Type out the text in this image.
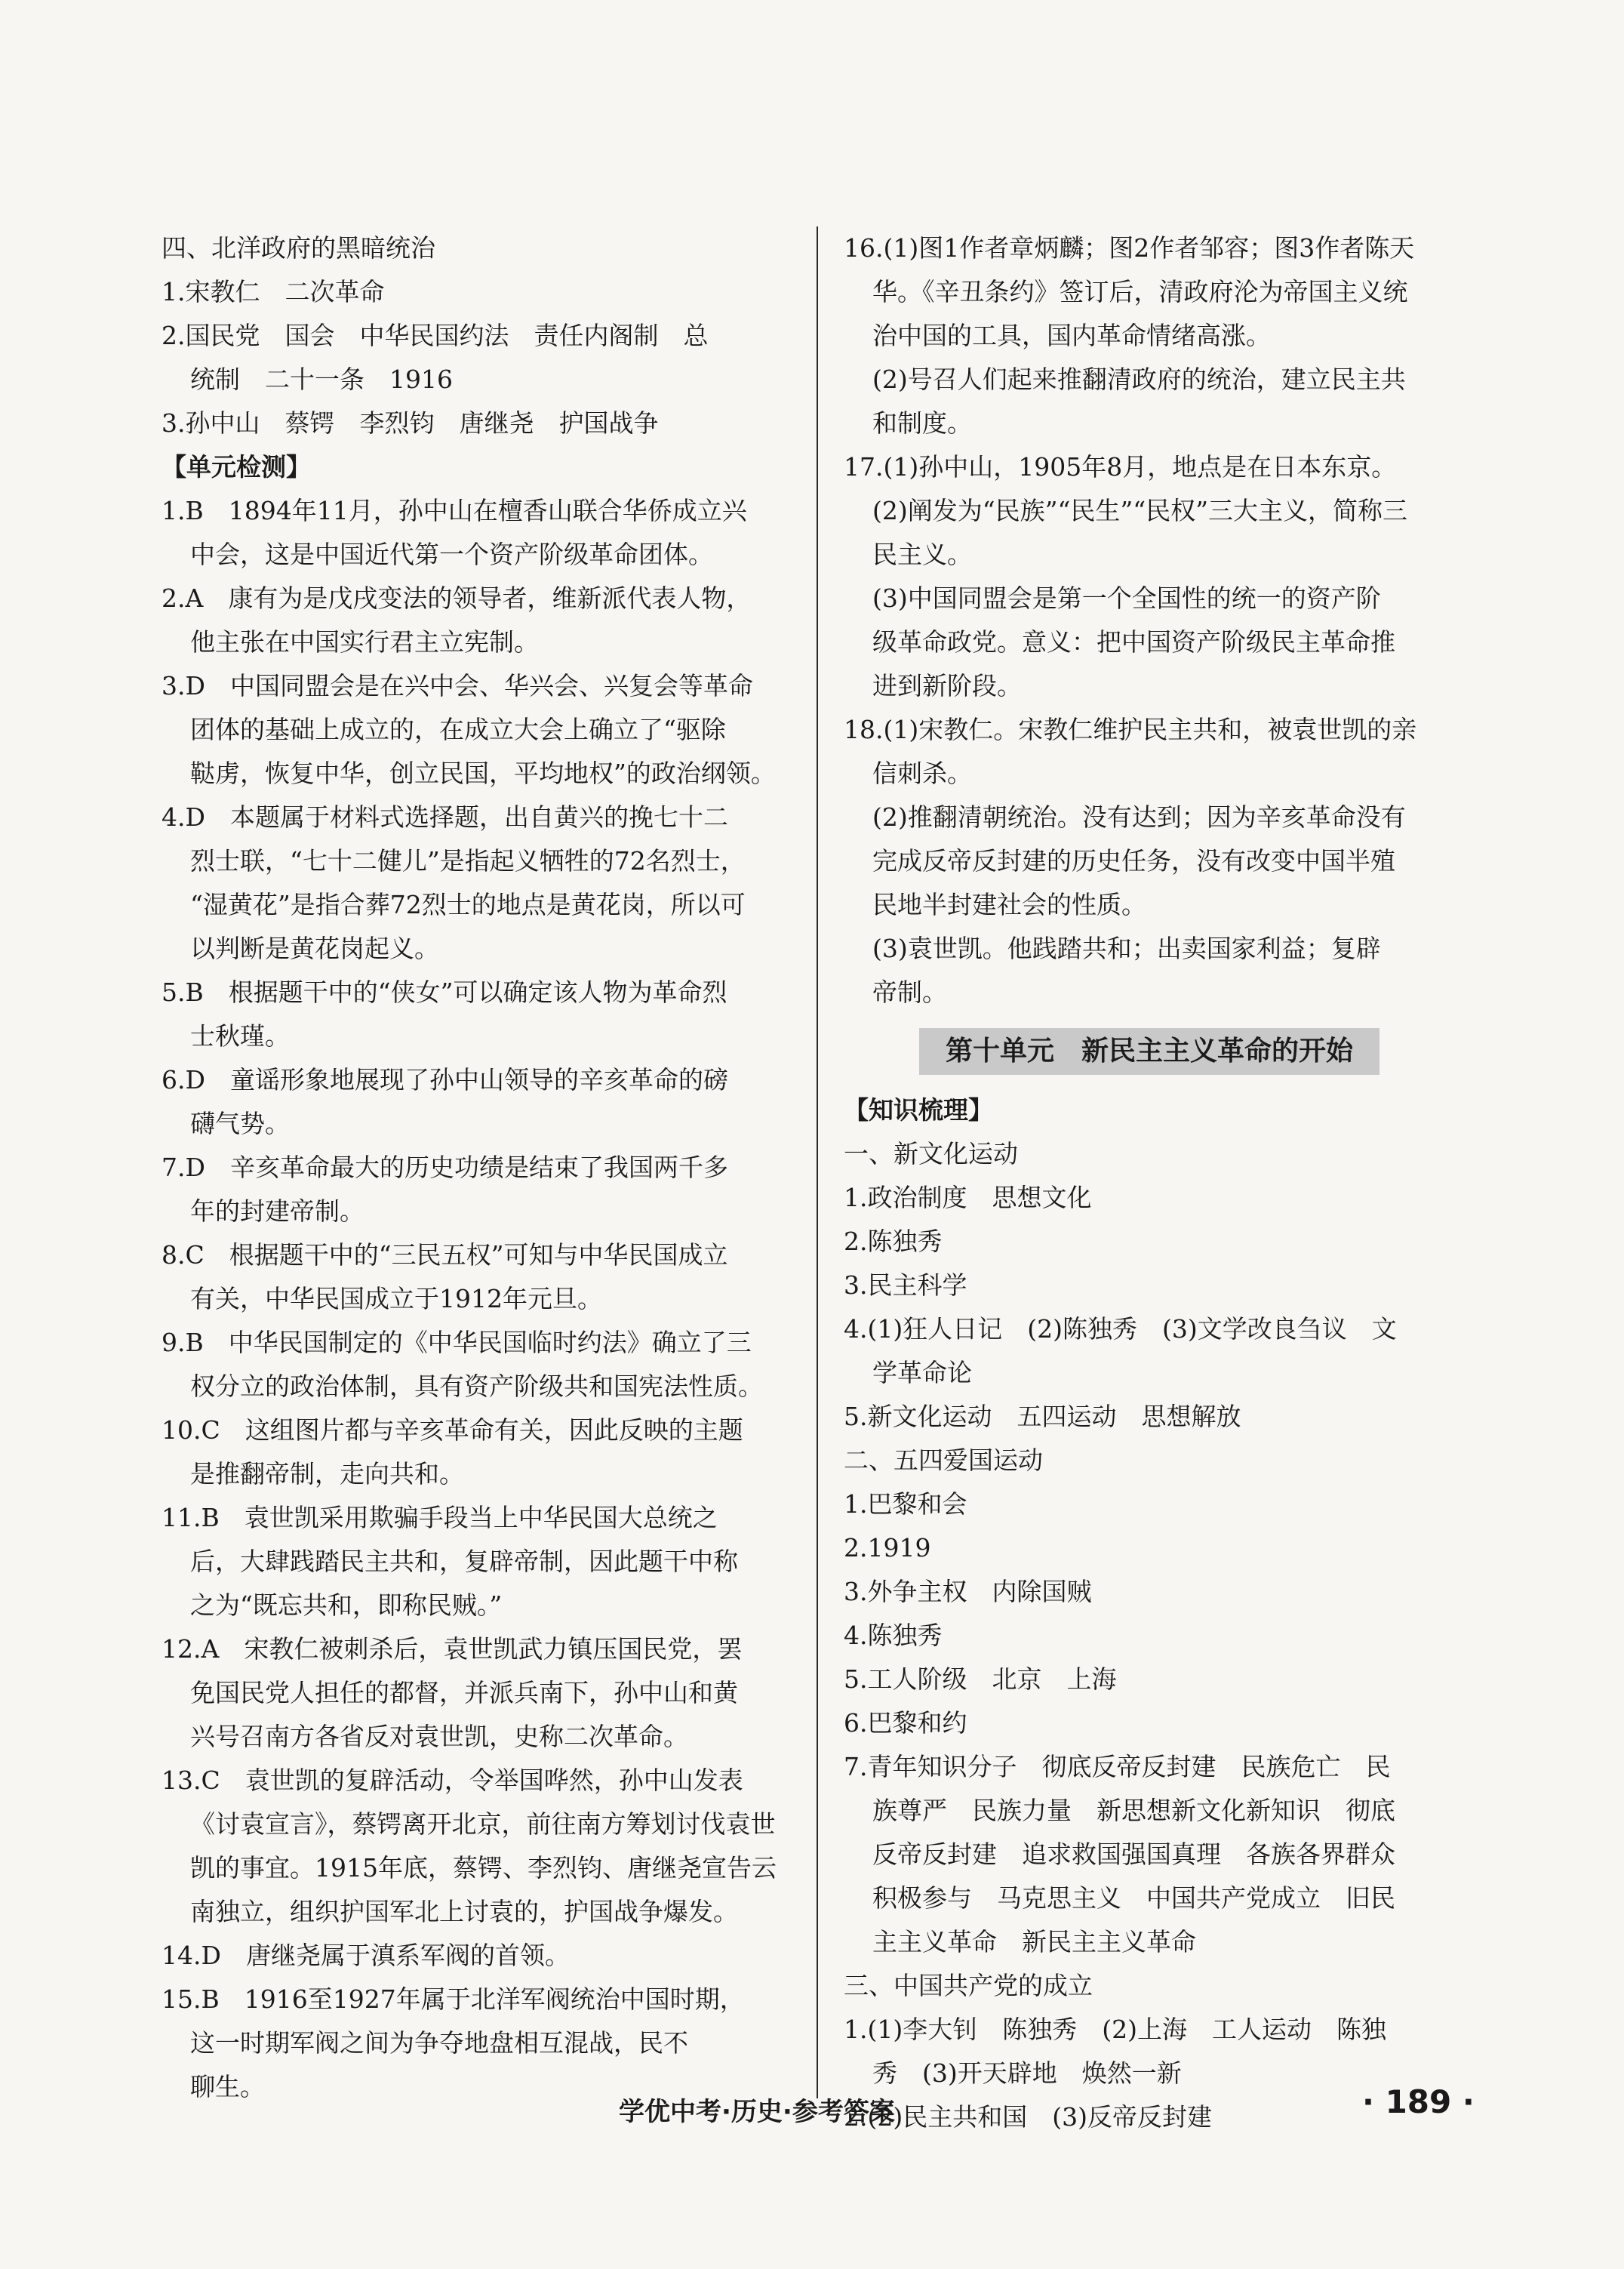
四、北洋政府的黑暗统治
1.宋教仁　二次革命
2.国民党　国会　中华民国约法　责任内阁制　总
统制　二十一条　1916
3.孙中山　蔡锷　李烈钧　唐继尧　护国战争
【单元检测】
1.B　1894年11月，孙中山在檀香山联合华侨成立兴
中会，这是中国近代第一个资产阶级革命团体。
2.A　康有为是戊戌变法的领导者，维新派代表人物，
他主张在中国实行君主立宪制。
3.D　中国同盟会是在兴中会、华兴会、兴复会等革命
团体的基础上成立的，在成立大会上确立了“驱除
鞑虏，恢复中华，创立民国，平均地权”的政治纲领。
4.D　本题属于材料式选择题，出自黄兴的挽七十二
烈士联，“七十二健儿”是指起义牺牲的72名烈士，
“湿黄花”是指合葬72烈士的地点是黄花岗，所以可
以判断是黄花岗起义。
5.B　根据题干中的“侠女”可以确定该人物为革命烈
士秋瑾。
6.D　童谣形象地展现了孙中山领导的辛亥革命的磅
礴气势。
7.D　辛亥革命最大的历史功绩是结束了我国两千多
年的封建帝制。
8.C　根据题干中的“三民五权”可知与中华民国成立
有关，中华民国成立于1912年元旦。
9.B　中华民国制定的《中华民国临时约法》确立了三
权分立的政治体制，具有资产阶级共和国宪法性质。
10.C　这组图片都与辛亥革命有关，因此反映的主题
是推翻帝制，走向共和。
11.B　袁世凯采用欺骗手段当上中华民国大总统之
后，大肆践踏民主共和，复辟帝制，因此题干中称
之为“既忘共和，即称民贼。”
12.A　宋教仁被刺杀后，袁世凯武力镇压国民党，罢
免国民党人担任的都督，并派兵南下，孙中山和黄
兴号召南方各省反对袁世凯，史称二次革命。
13.C　袁世凯的复辟活动，令举国哗然，孙中山发表
《讨袁宣言》，蔡锷离开北京，前往南方筹划讨伐袁世
凯的事宜。1915年底，蔡锷、李烈钧、唐继尧宣告云
南独立，组织护国军北上讨袁的，护国战争爆发。
14.D　唐继尧属于滇系军阀的首领。
15.B　1916至1927年属于北洋军阀统治中国时期，
这一时期军阀之间为争夺地盘相互混战，民不
聊生。
16.(1)图1作者章炳麟；图2作者邹容；图3作者陈天
华。《辛丑条约》签订后，清政府沦为帝国主义统
治中国的工具，国内革命情绪高涨。
(2)号召人们起来推翻清政府的统治，建立民主共
和制度。
17.(1)孙中山，1905年8月，地点是在日本东京。
(2)阐发为“民族”“民生”“民权”三大主义，简称三
民主义。
(3)中国同盟会是第一个全国性的统一的资产阶
级革命政党。意义：把中国资产阶级民主革命推
进到新阶段。
18.(1)宋教仁。宋教仁维护民主共和，被袁世凯的亲
信刺杀。
(2)推翻清朝统治。没有达到；因为辛亥革命没有
完成反帝反封建的历史任务，没有改变中国半殖
民地半封建社会的性质。
(3)袁世凯。他践踏共和；出卖国家利益；复辟
帝制。
第十单元　新民主主义革命的开始
【知识梳理】
一、新文化运动
1.政治制度　思想文化
2.陈独秀
3.民主科学
4.(1)狂人日记　(2)陈独秀　(3)文学改良刍议　文
学革命论
5.新文化运动　五四运动　思想解放
二、五四爱国运动
1.巴黎和会
2.1919
3.外争主权　内除国贼
4.陈独秀
5.工人阶级　北京　上海
6.巴黎和约
7.青年知识分子　彻底反帝反封建　民族危亡　民
族尊严　民族力量　新思想新文化新知识　彻底
反帝反封建　追求救国强国真理　各族各界群众
积极参与　马克思主义　中国共产党成立　旧民
主主义革命　新民主主义革命
三、中国共产党的成立
1.(1)李大钊　陈独秀　(2)上海　工人运动　陈独
秀　(3)开天辟地　焕然一新
2.(2)民主共和国　(3)反帝反封建
学优中考·历史·参考答案	· 189 ·
